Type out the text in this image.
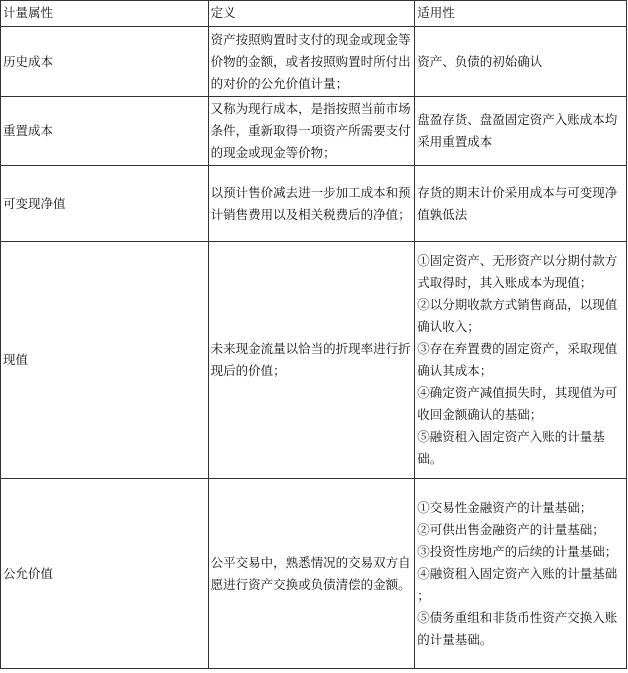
计量属性	定义	适用性
历史成本	资产按照购置时支付的现金或现金等价物的金额，或者按照购置时所付出的对价的公允价值计量；	资产、负债的初始确认

重置成本	又称为现行成本，是指按照当前市场条件，重新取得一项资产所需要支付的现金或现金等价物；	盘盈存货、盘盈固定资产入账成本均采用重置成本

可变现净值	以预计售价减去进一步加工成本和预计销售费用以及相关税费后的净值；	存货的期末计价采用成本与可变现净值孰低法

现值	未来现金流量以恰当的折现率进行折现后的价值；	①固定资产、无形资产以分期付款方式取得时，其入账成本为现值；
②以分期收款方式销售商品，以现值确认收入；
③存在弃置费的固定资产，采取现值确认其成本；
④确定资产减值损失时，其现值为可收回金额确认的基础；
⑤融资租入固定资产入账的计量基础。

公允价值	公平交易中，熟悉情况的交易双方自愿进行资产交换或负债清偿的金额。	①交易性金融资产的计量基础；
②可供出售金融资产的计量基础；
③投资性房地产的后续的计量基础；
④融资租入固定资产入账的计量基础 ；
⑤债务重组和非货币性资产交换入账的计量基础。
